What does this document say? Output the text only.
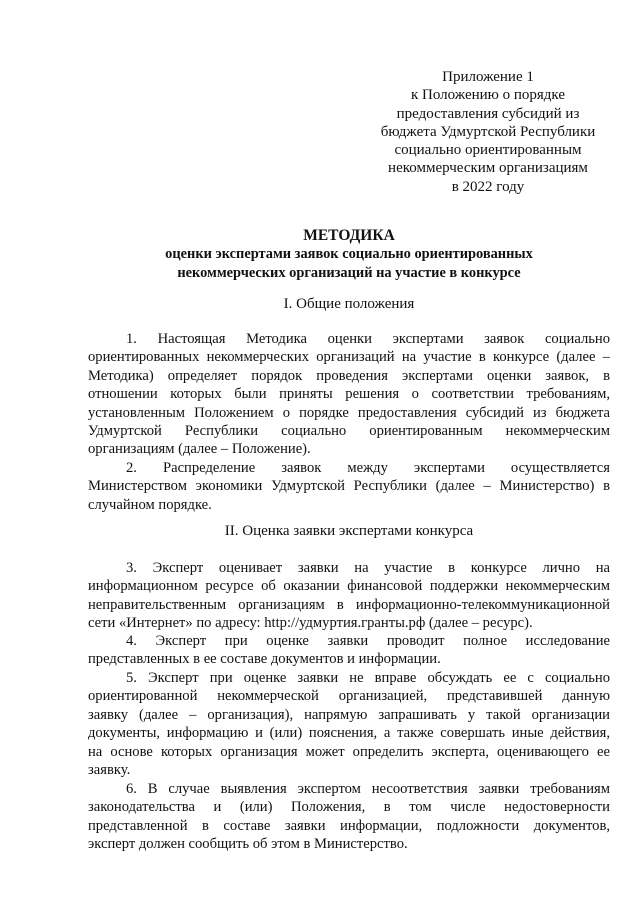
Приложение 1
к Положению о порядке
предоставления субсидий из
бюджета Удмуртской Республики
социально ориентированным
некоммерческим организациям
в 2022 году
МЕТОДИКА
оценки экспертами заявок социально ориентированных
некоммерческих организаций на участие в конкурсе
I. Общие положения
1. Настоящая Методика оценки экспертами заявок социально
ориентированных некоммерческих организаций на участие в конкурсе (далее –
Методика) определяет порядок проведения экспертами оценки заявок, в
отношении которых были приняты решения о соответствии требованиям,
установленным Положением о порядке предоставления субсидий из бюджета
Удмуртской Республики социально ориентированным некоммерческим
организациям (далее – Положение).
2. Распределение заявок между экспертами осуществляется
Министерством экономики Удмуртской Республики (далее – Министерство) в
случайном порядке.
II. Оценка заявки экспертами конкурса
3. Эксперт оценивает заявки на участие в конкурсе лично на
информационном ресурсе об оказании финансовой поддержки некоммерческим
неправительственным организациям в информационно-телекоммуникационной
сети «Интернет» по адресу: http://удмуртия.гранты.рф (далее – ресурс).
4. Эксперт при оценке заявки проводит полное исследование
представленных в ее составе документов и информации.
5. Эксперт при оценке заявки не вправе обсуждать ее с социально
ориентированной некоммерческой организацией, представившей данную
заявку (далее – организация), напрямую запрашивать у такой организации
документы, информацию и (или) пояснения, а также совершать иные действия,
на основе которых организация может определить эксперта, оценивающего ее
заявку.
6. В случае выявления экспертом несоответствия заявки требованиям
законодательства и (или) Положения, в том числе недостоверности
представленной в составе заявки информации, подложности документов,
эксперт должен сообщить об этом в Министерство.
